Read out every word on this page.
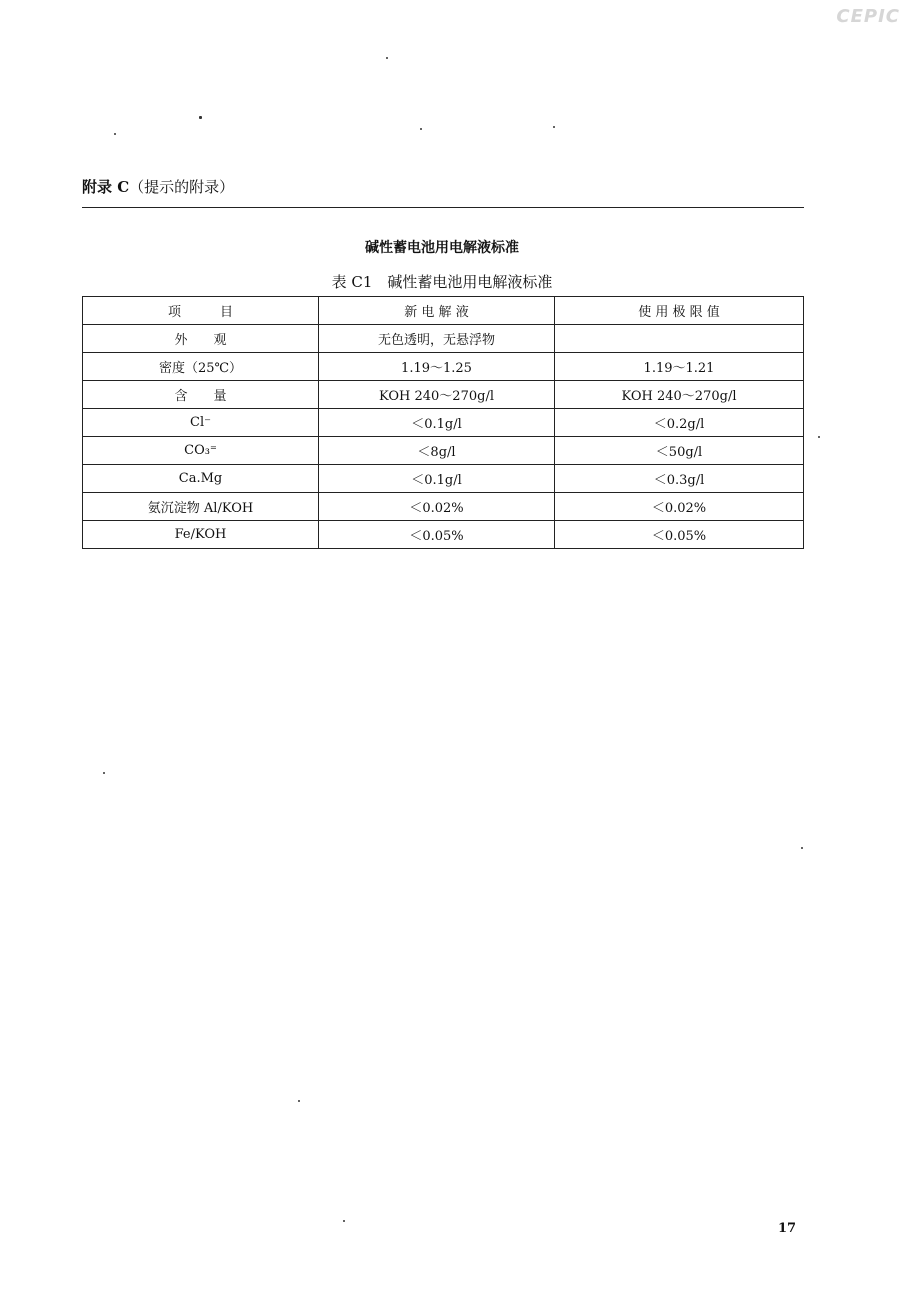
CEPIC
附录 C（提示的附录）
碱性蓄电池用电解液标准
表 C1　碱性蓄电池用电解液标准
项　　　目	新 电 解 液	使 用 极 限 值
外　　观	无色透明，无悬浮物	
密度（25℃）	1.19～1.25	1.19～1.21
含　　量	KOH 240～270g/l	KOH 240～270g/l
Cl⁻	＜0.1g/l	＜0.2g/l
CO₃⁼	＜8g/l	＜50g/l
Ca.Mg	＜0.1g/l	＜0.3g/l
氨沉淀物 Al/KOH	＜0.02%	＜0.02%
Fe/KOH	＜0.05%	＜0.05%
17
